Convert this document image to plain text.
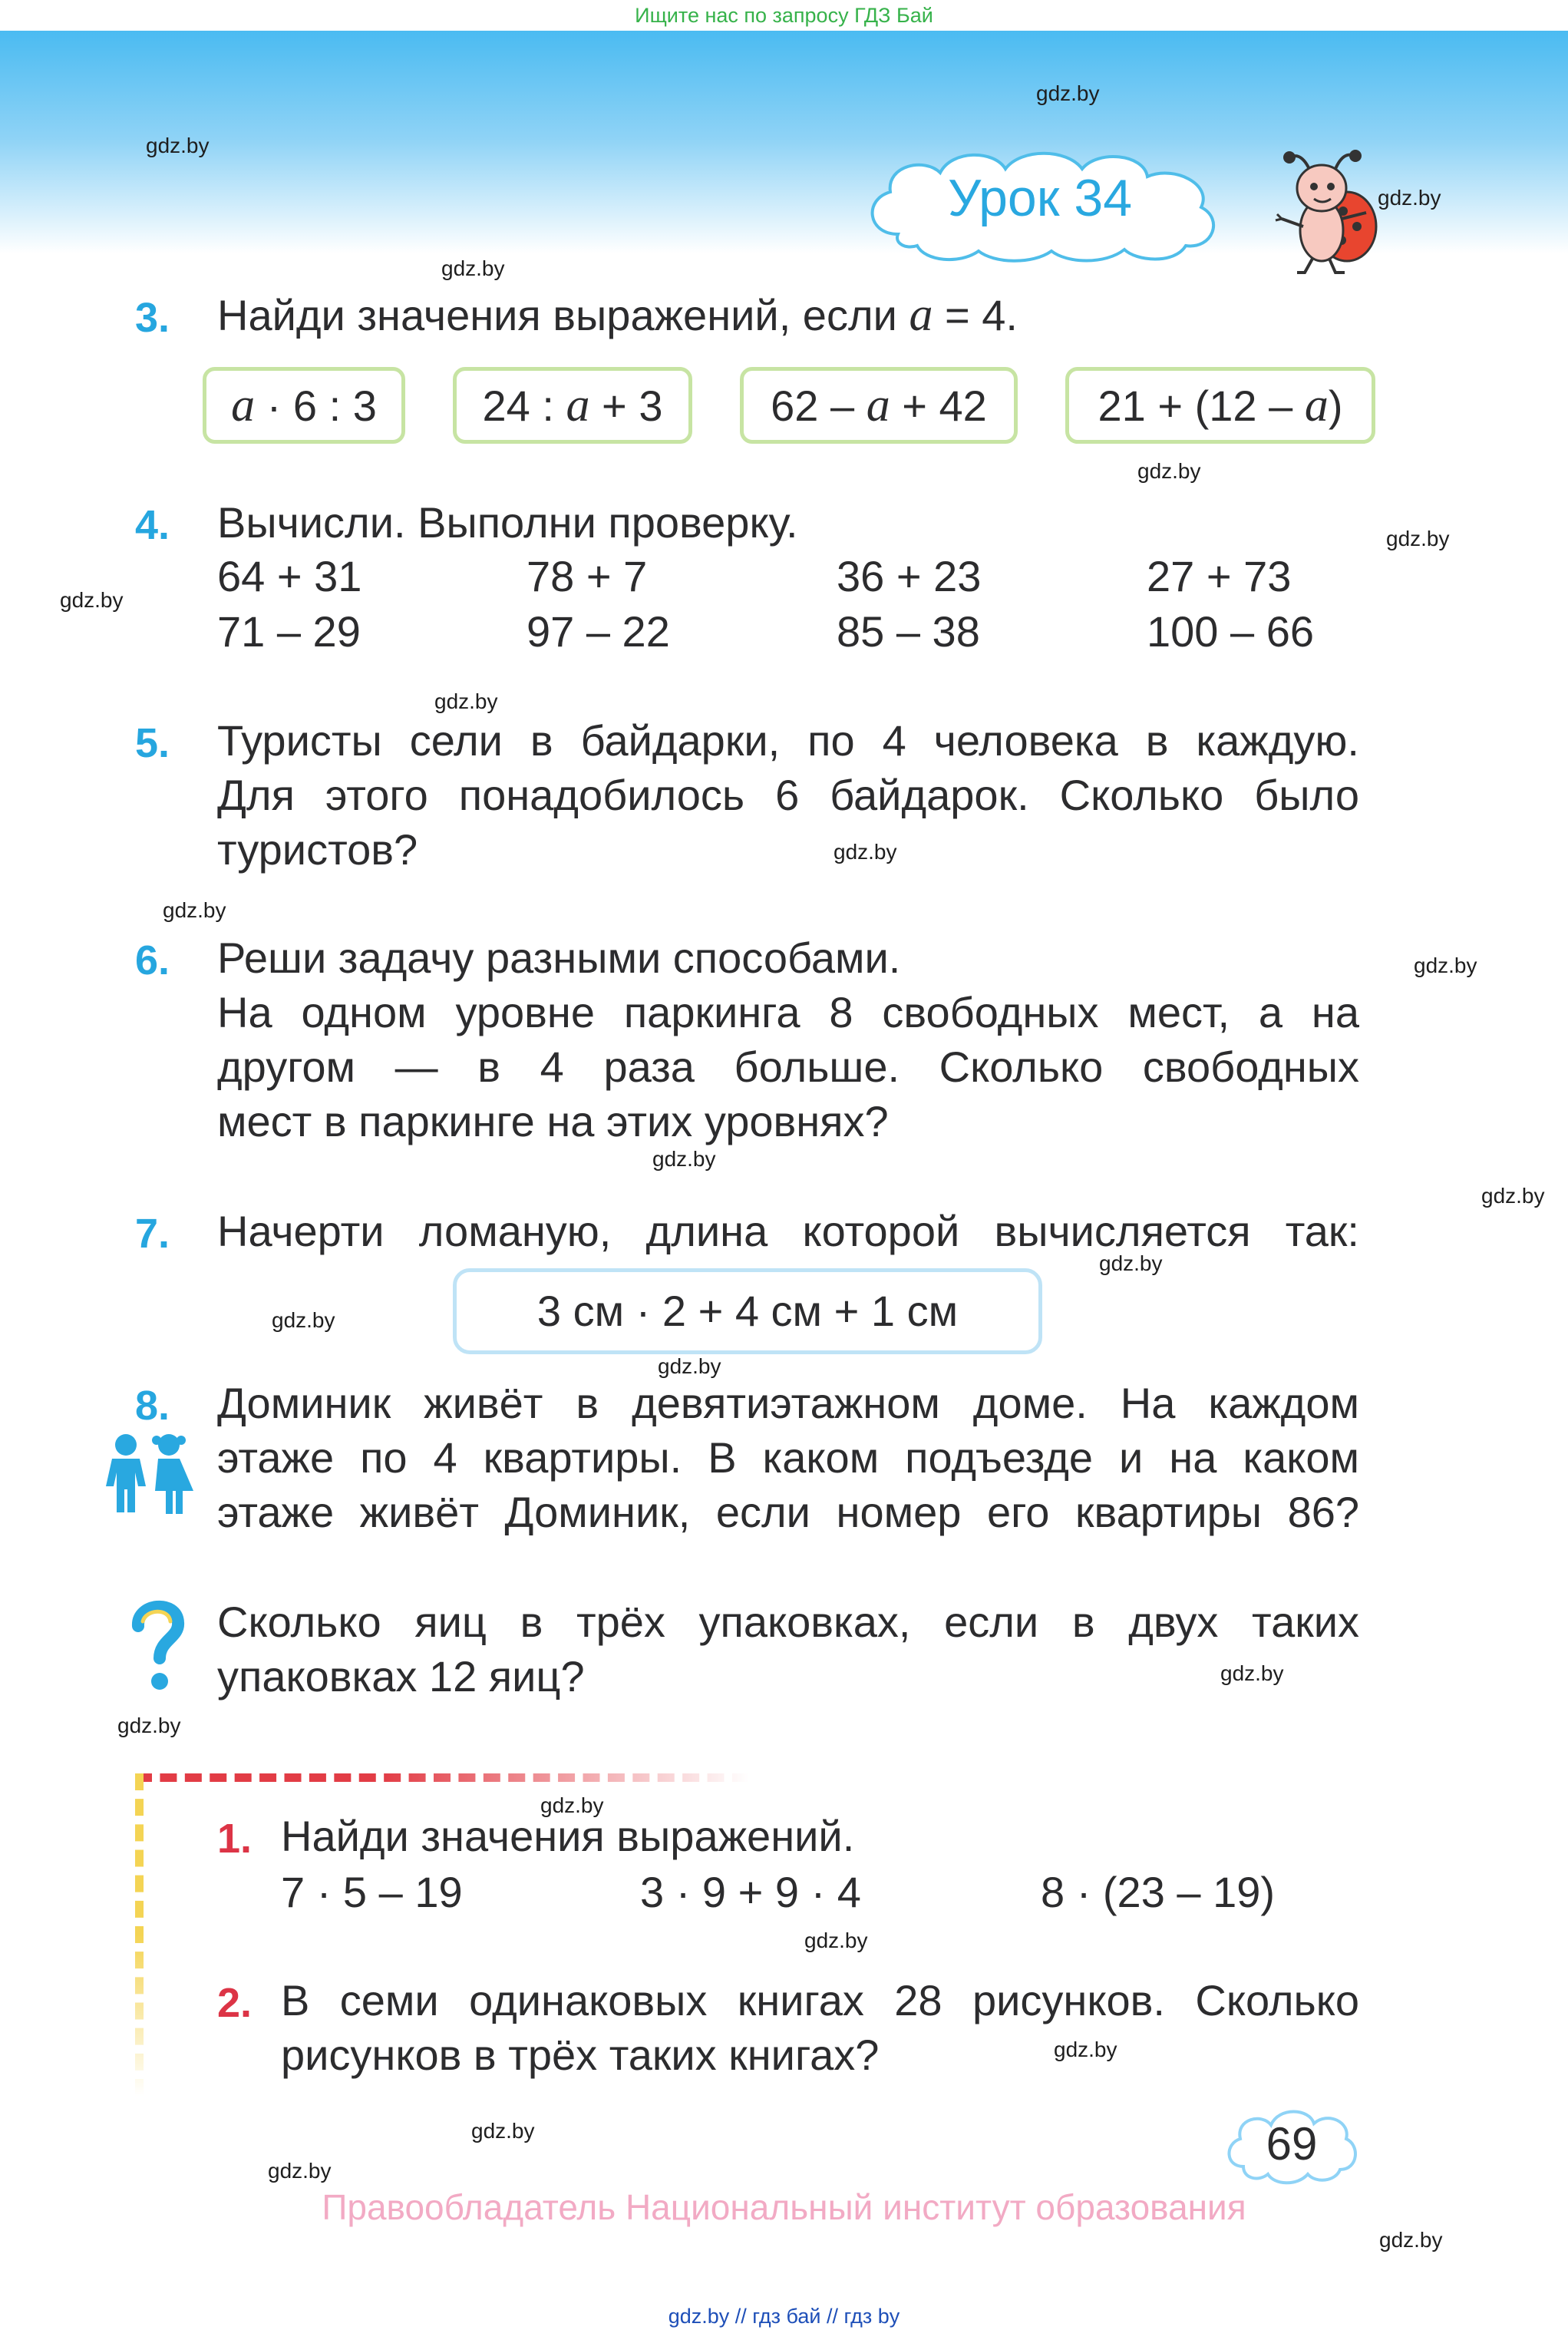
Ищите нас по запросу ГДЗ Бай
Урок 34
gdz.by
gdz.by
gdz.by
gdz.by
gdz.by
gdz.by
gdz.by
gdz.by
gdz.by
gdz.by
gdz.by
gdz.by
gdz.by
gdz.by
gdz.by
gdz.by
gdz.by
gdz.by
gdz.by
gdz.by
gdz.by
gdz.by
gdz.by
gdz.by
3. Найди значения выражений, если a = 4.
a · 6 : 3	24 : a + 3	62 – a + 42	21 + (12 – a)
4. Вычисли. Выполни проверку.
64 + 31	78 + 7	36 + 23	27 + 73
71 – 29	97 – 22	85 – 38	100 – 66
5. Туристы сели в байдарки, по 4 человека в каждую.
Для этого понадобилось 6 байдарок. Сколько было
туристов?
6. Реши задачу разными способами.
На одном уровне паркинга 8 свободных мест, а на
другом — в 4 раза больше. Сколько свободных
мест в паркинге на этих уровнях?
7. Начерти ломаную, длина которой вычисляется так:
3 см · 2 + 4 см + 1 см
8. Доминик живёт в девятиэтажном доме. На каждом
этаже по 4 квартиры. В каком подъезде и на каком
этаже живёт Доминик, если номер его квартиры 86?
Сколько яиц в трёх упаковках, если в двух таких
упаковках 12 яиц?
1. Найди значения выражений.
7 · 5 – 19	3 · 9 + 9 · 4	8 · (23 – 19)
2. В семи одинаковых книгах 28 рисунков. Сколько
рисунков в трёх таких книгах?
69
Правообладатель Национальный институт образования
gdz.by // гдз бай // гдз by
